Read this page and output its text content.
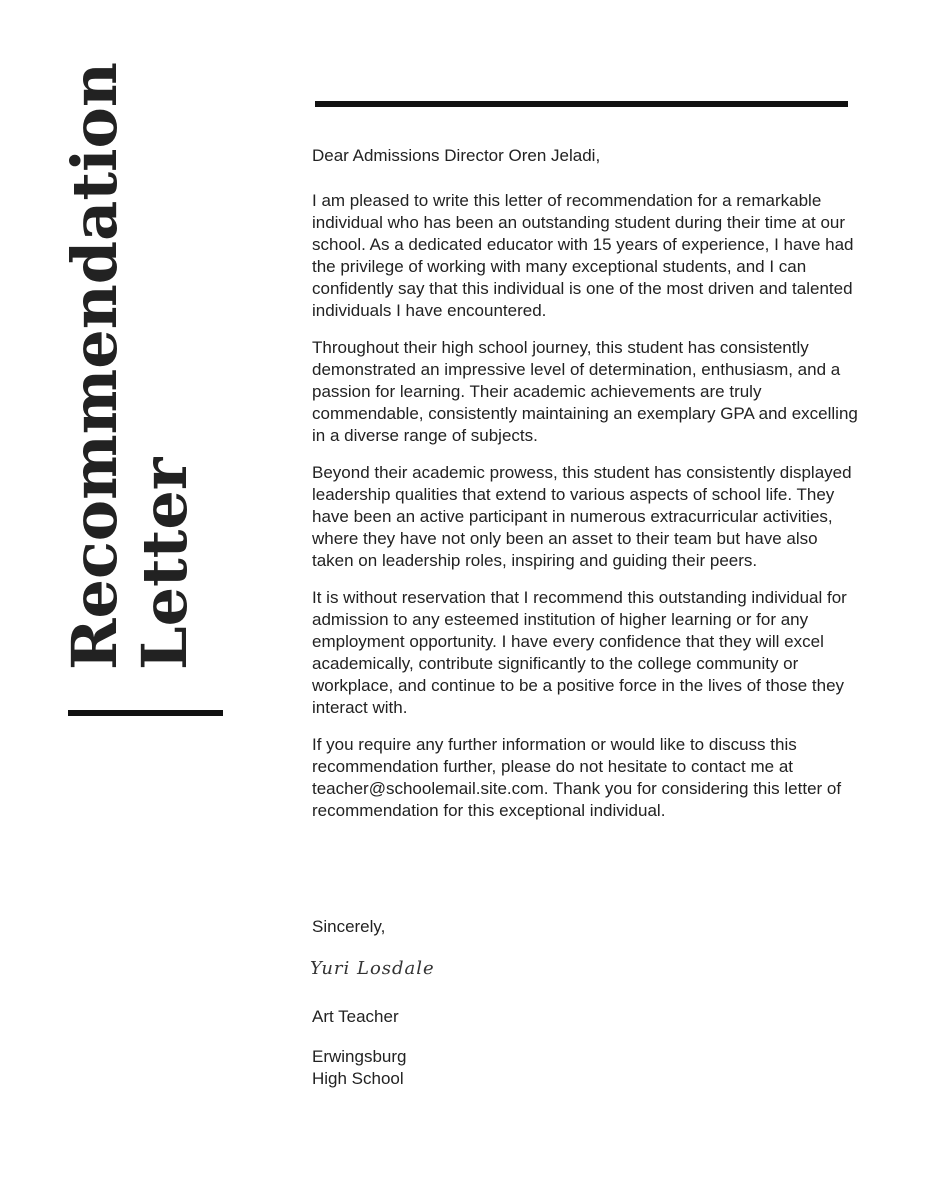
Recommendation
Letter

Dear Admissions Director Oren Jeladi,

I am pleased to write this letter of recommendation for a remarkable individual who has been an outstanding student during their time at our school. As a dedicated educator with 15 years of experience, I have had the privilege of working with many exceptional students, and I can confidently say that this individual is one of the most driven and talented individuals I have encountered.

Throughout their high school journey, this student has consistently demonstrated an impressive level of determination, enthusiasm, and a passion for learning. Their academic achievements are truly commendable, consistently maintaining an exemplary GPA and excelling in a diverse range of subjects.

Beyond their academic prowess, this student has consistently displayed leadership qualities that extend to various aspects of school life. They have been an active participant in numerous extracurricular activities, where they have not only been an asset to their team but have also taken on leadership roles, inspiring and guiding their peers.

It is without reservation that I recommend this outstanding individual for admission to any esteemed institution of higher learning or for any employment opportunity. I have every confidence that they will excel academically, contribute significantly to the college community or workplace, and continue to be a positive force in the lives of those they interact with.

If you require any further information or would like to discuss this recommendation further, please do not hesitate to contact me at teacher@schoolemail.site.com. Thank you for considering this letter of recommendation for this exceptional individual.

Sincerely,
Yuri Losdale
Art Teacher
Erwingsburg
High School
